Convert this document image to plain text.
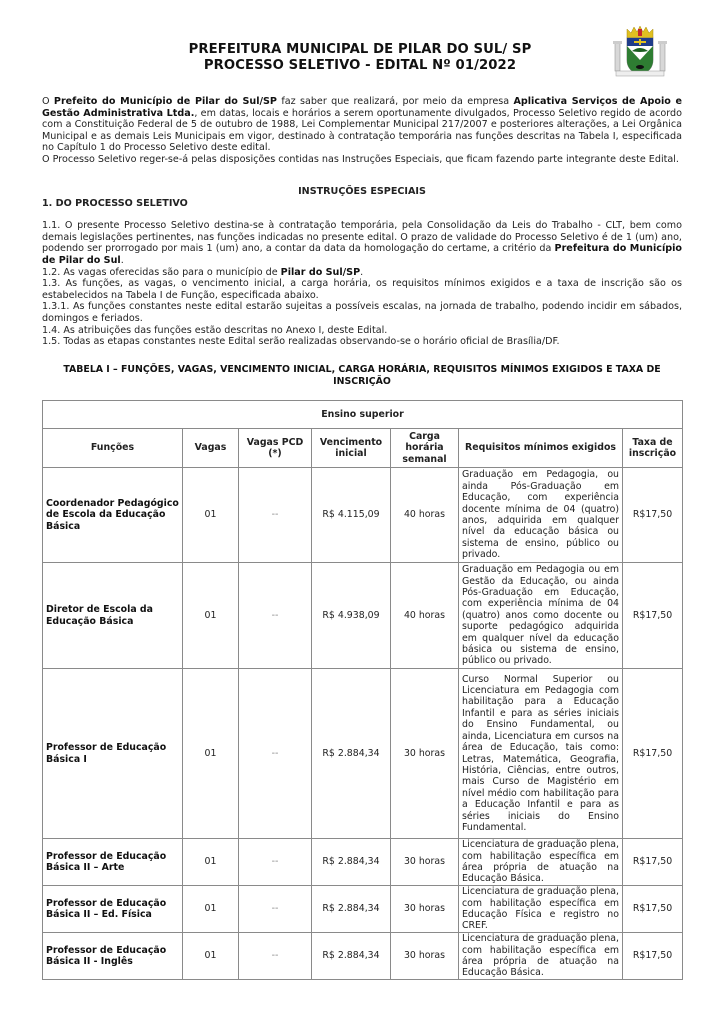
PREFEITURA MUNICIPAL DE PILAR DO SUL/ SP
PROCESSO SELETIVO - EDITAL Nº 01/2022

O Prefeito do Município de Pilar do Sul/SP faz saber que realizará, por meio da empresa Aplicativa Serviços de Apoio e Gestão Administrativa Ltda., em datas, locais e horários a serem oportunamente divulgados, Processo Seletivo regido de acordo com a Constituição Federal de 5 de outubro de 1988, Lei Complementar Municipal 217/2007 e posteriores alterações, a Lei Orgânica Municipal e as demais Leis Municipais em vigor, destinado à contratação temporária nas funções descritas na Tabela I, especificada no Capítulo 1 do Processo Seletivo deste edital.

O Processo Seletivo reger-se-á pelas disposições contidas nas Instruções Especiais, que ficam fazendo parte integrante deste Edital.

INSTRUÇÕES ESPECIAIS

1. DO PROCESSO SELETIVO

1.1. O presente Processo Seletivo destina-se à contratação temporária, pela Consolidação da Leis do Trabalho - CLT, bem como demais legislações pertinentes, nas funções indicadas no presente edital. O prazo de validade do Processo Seletivo é de 1 (um) ano, podendo ser prorrogado por mais 1 (um) ano, a contar da data da homologação do certame, a critério da Prefeitura do Município de Pilar do Sul.

1.2. As vagas oferecidas são para o município de Pilar do Sul/SP.

1.3. As funções, as vagas, o vencimento inicial, a carga horária, os requisitos mínimos exigidos e a taxa de inscrição são os estabelecidos na Tabela I de Função, especificada abaixo.

1.3.1. As funções constantes neste edital estarão sujeitas a possíveis escalas, na jornada de trabalho, podendo incidir em sábados, domingos e feriados.

1.4. As atribuições das funções estão descritas no Anexo I, deste Edital.

1.5. Todas as etapas constantes neste Edital serão realizadas observando-se o horário oficial de Brasília/DF.

TABELA I – FUNÇÕES, VAGAS, VENCIMENTO INICIAL, CARGA HORÁRIA, REQUISITOS MÍNIMOS EXIGIDOS E TAXA DE INSCRIÇÃO
Ensino superior						
Funções	Vagas	Vagas PCD (*)	Vencimento inicial	Carga horária semanal	Requisitos mínimos exigidos	Taxa de inscrição
Coordenador Pedagógico de Escola da Educação Básica	01	--	R$ 4.115,09	40 horas	Graduação em Pedagogia, ou ainda Pós-Graduação em Educação, com experiência docente mínima de 04 (quatro) anos, adquirida em qualquer nível da educação básica ou sistema de ensino, público ou privado.	R$17,50
Diretor de Escola da Educação Básica	01	--	R$ 4.938,09	40 horas	Graduação em Pedagogia ou em Gestão da Educação, ou ainda Pós-Graduação em Educação, com experiência mínima de 04 (quatro) anos como docente ou suporte pedagógico adquirida em qualquer nível da educação básica ou sistema de ensino, público ou privado.	R$17,50
Professor de Educação Básica I	01	--	R$ 2.884,34	30 horas	Curso Normal Superior ou Licenciatura em Pedagogia com habilitação para a Educação Infantil e para as séries iniciais do Ensino Fundamental, ou ainda, Licenciatura em cursos na área de Educação, tais como: Letras, Matemática, Geografia, História, Ciências, entre outros, mais Curso de Magistério em nível médio com habilitação para a Educação Infantil e para as séries iniciais do Ensino Fundamental.	R$17,50
Professor de Educação Básica II – Arte	01	--	R$ 2.884,34	30 horas	Licenciatura de graduação plena, com habilitação específica em área própria de atuação na Educação Básica.	R$17,50
Professor de Educação Básica II – Ed. Física	01	--	R$ 2.884,34	30 horas	Licenciatura de graduação plena, com habilitação específica em Educação Física e registro no CREF.	R$17,50
Professor de Educação Básica II - Inglês	01	--	R$ 2.884,34	30 horas	Licenciatura de graduação plena, com habilitação específica em área própria de atuação na Educação Básica.	R$17,50
